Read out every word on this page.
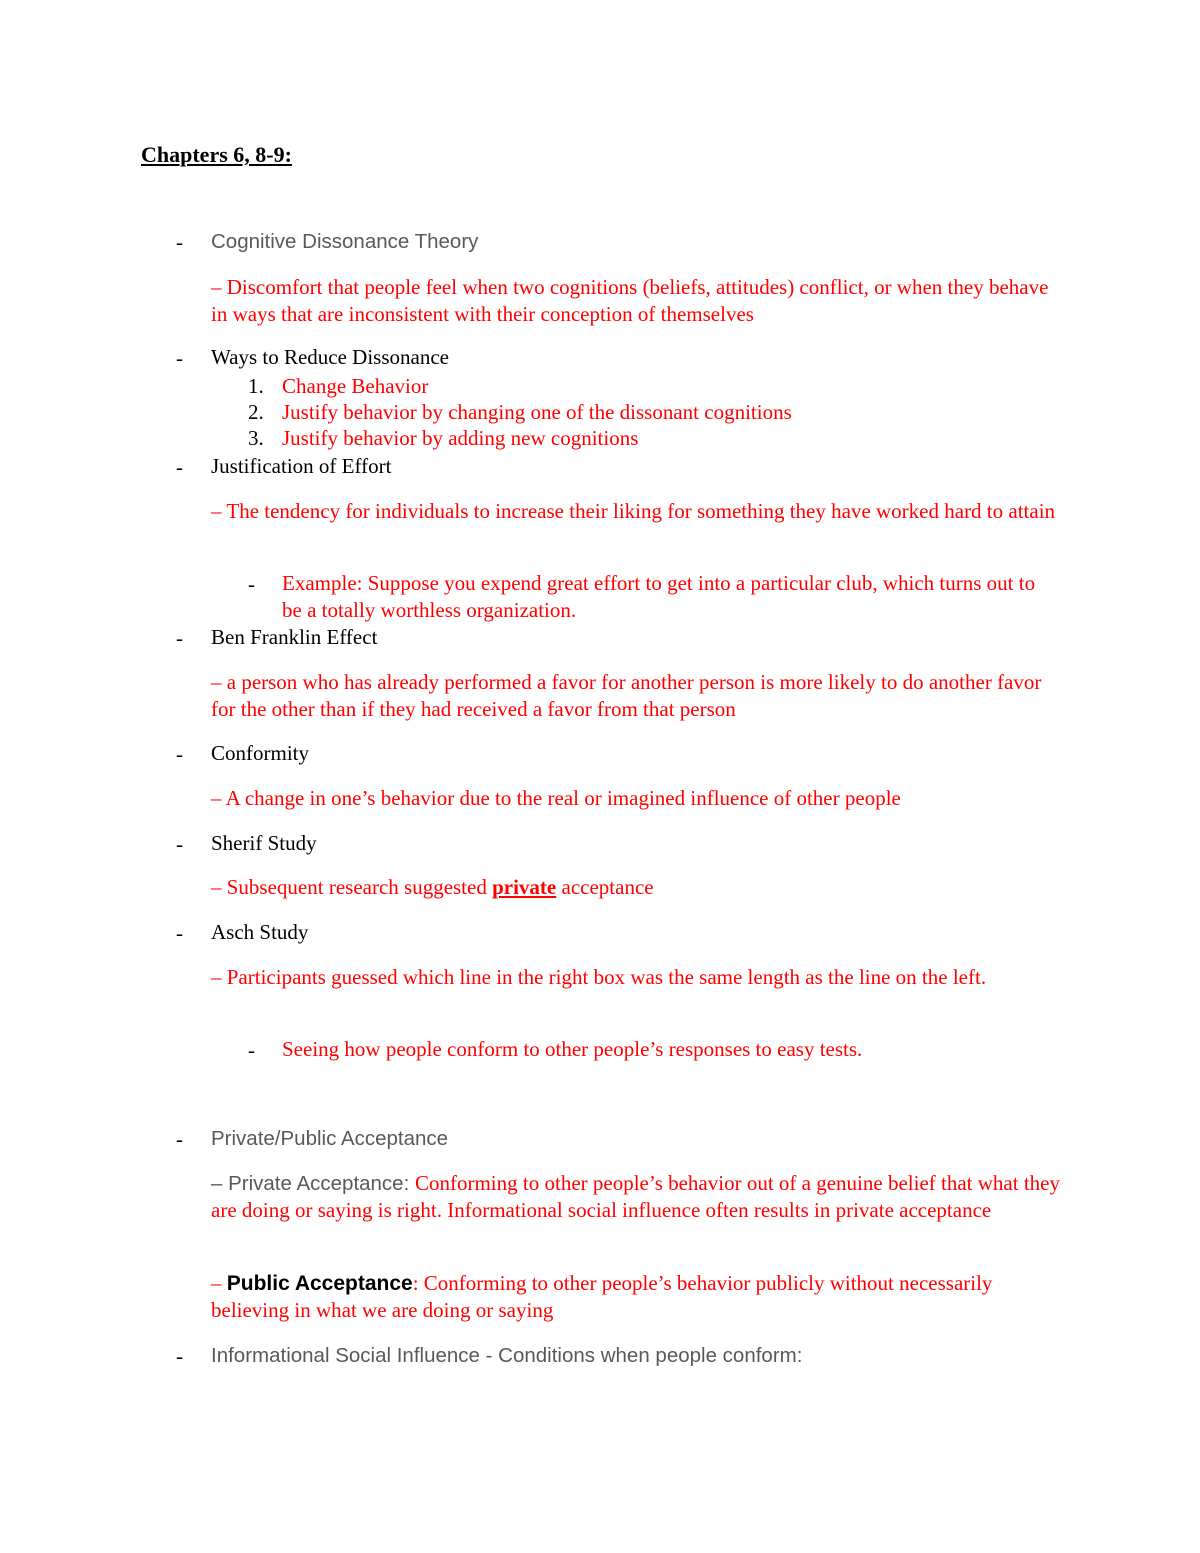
Chapters 6, 8-9:
- Cognitive Dissonance Theory
– Discomfort that people feel when two cognitions (beliefs, attitudes) conflict, or when they behave in ways that are inconsistent with their conception of themselves
- Ways to Reduce Dissonance
1. Change Behavior
2. Justify behavior by changing one of the dissonant cognitions
3. Justify behavior by adding new cognitions
- Justification of Effort
– The tendency for individuals to increase their liking for something they have worked hard to attain
- Example: Suppose you expend great effort to get into a particular club, which turns out to be a totally worthless organization.
- Ben Franklin Effect
– a person who has already performed a favor for another person is more likely to do another favor for the other than if they had received a favor from that person
- Conformity
– A change in one’s behavior due to the real or imagined influence of other people
- Sherif Study
– Subsequent research suggested private acceptance
- Asch Study
– Participants guessed which line in the right box was the same length as the line on the left.
- Seeing how people conform to other people’s responses to easy tests.
- Private/Public Acceptance
– Private Acceptance: Conforming to other people’s behavior out of a genuine belief that what they are doing or saying is right. Informational social influence often results in private acceptance
– Public Acceptance: Conforming to other people’s behavior publicly without necessarily believing in what we are doing or saying
- Informational Social Influence - Conditions when people conform:
